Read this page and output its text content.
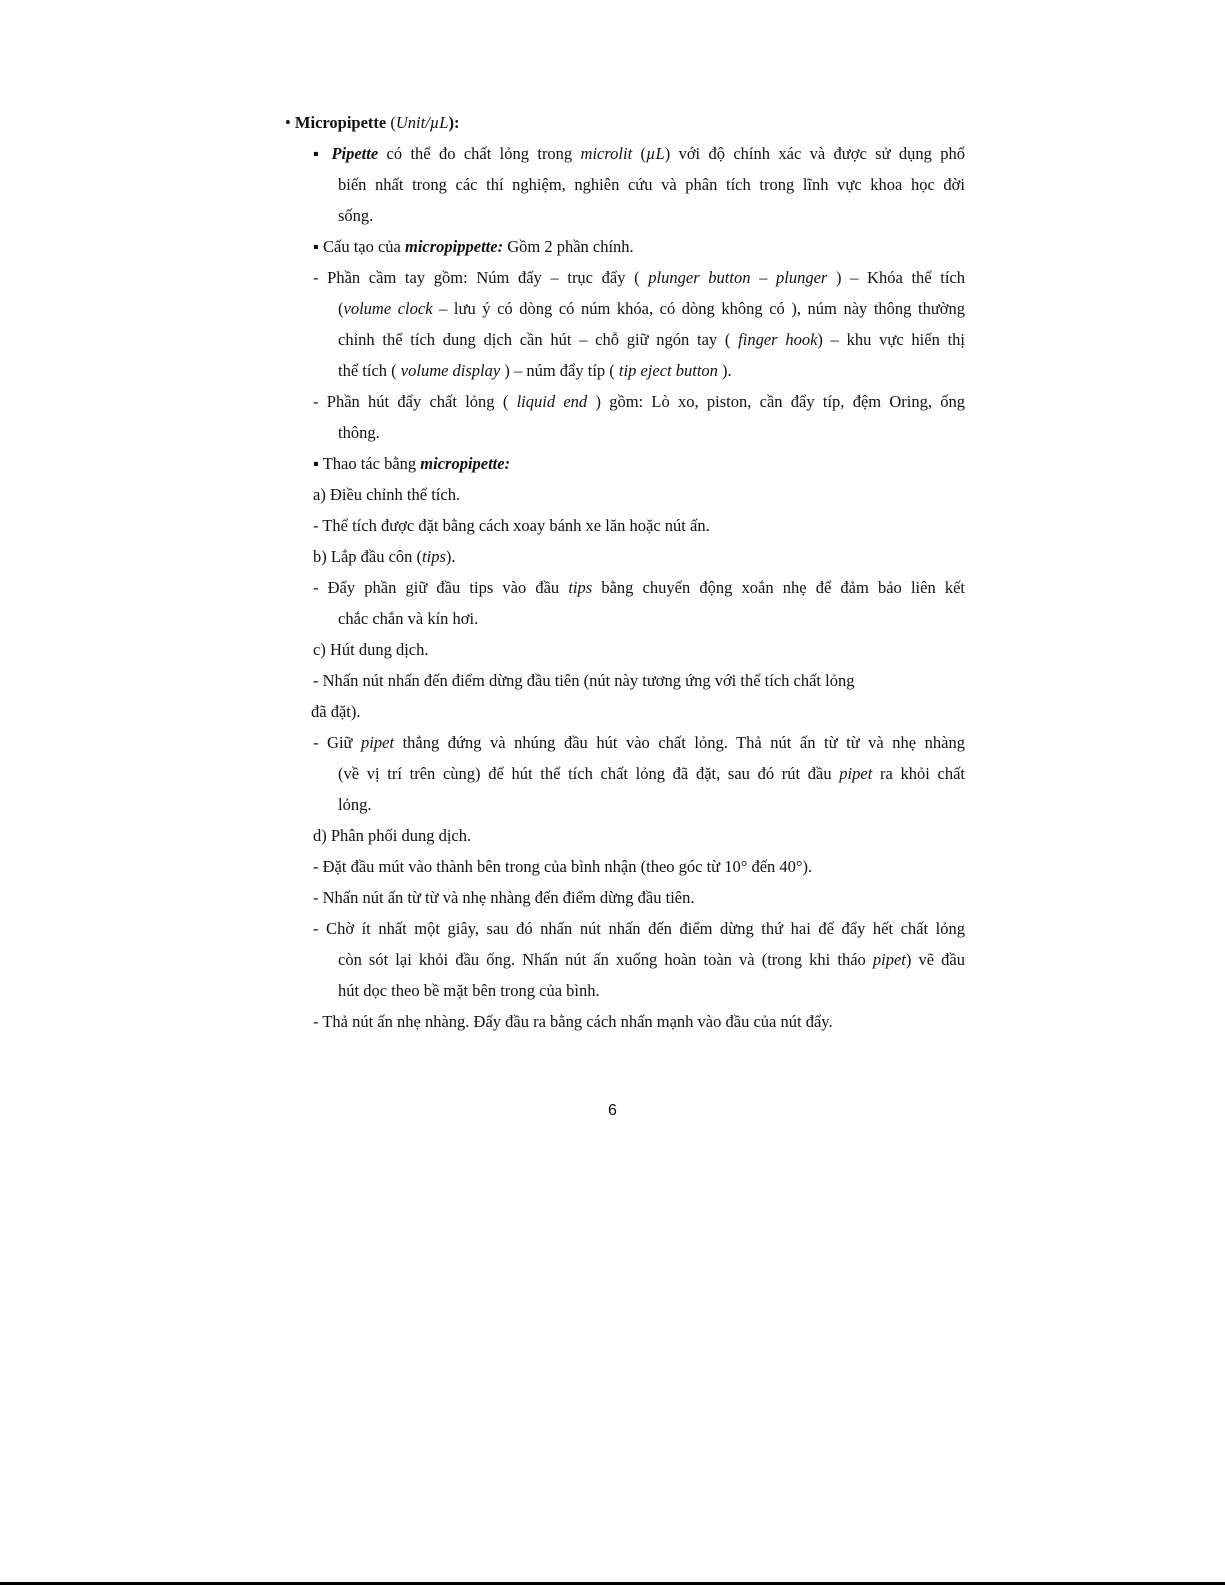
• Micropipette (Unit/µL):
▪ Pipette có thể đo chất lỏng trong microlit (µL) với độ chính xác và được sử dụng phổ
biến nhất trong các thí nghiệm, nghiên cứu và phân tích trong lĩnh vực khoa học đời
sống.
▪ Cấu tạo của micropippette: Gồm 2 phần chính.
- Phần cầm tay gồm: Núm đẩy – trục đẩy ( plunger button – plunger ) – Khóa thể tích
(volume clock – lưu ý có dòng có núm khóa, có dòng không có ), núm này thông thường
chỉnh thể tích dung dịch cần hút – chỗ giữ ngón tay ( finger hook) – khu vực hiển thị
thể tích ( volume display ) – núm đẩy típ ( tip eject button ).
- Phần hút đẩy chất lỏng ( liquid end ) gồm: Lò xo, piston, cần đẩy típ, đệm Oring, ống
thông.
▪ Thao tác bằng micropipette:
a) Điều chỉnh thể tích.
- Thể tích được đặt bằng cách xoay bánh xe lăn hoặc nút ấn.
b) Lắp đầu côn (tips).
- Đẩy phần giữ đầu tips vào đầu tips bằng chuyển động xoắn nhẹ để đảm bảo liên kết
chắc chắn và kín hơi.
c) Hút dung dịch.
- Nhấn nút nhấn đến điểm dừng đầu tiên (nút này tương ứng với thể tích chất lỏng
đã đặt).
- Giữ pipet thẳng đứng và nhúng đầu hút vào chất lỏng. Thả nút ấn từ từ và nhẹ nhàng
(về vị trí trên cùng) để hút thể tích chất lỏng đã đặt, sau đó rút đầu pipet ra khỏi chất
lỏng.
d) Phân phối dung dịch.
- Đặt đầu mút vào thành bên trong của bình nhận (theo góc từ 10° đến 40°).
- Nhấn nút ấn từ từ và nhẹ nhàng đến điểm dừng đầu tiên.
- Chờ ít nhất một giây, sau đó nhấn nút nhấn đến điểm dừng thứ hai để đẩy hết chất lỏng
còn sót lại khỏi đầu ống. Nhấn nút ấn xuống hoàn toàn và (trong khi tháo pipet) vẽ đầu
hút dọc theo bề mặt bên trong của bình.
- Thả nút ấn nhẹ nhàng. Đẩy đầu ra bằng cách nhấn mạnh vào đầu của nút đẩy.
6
